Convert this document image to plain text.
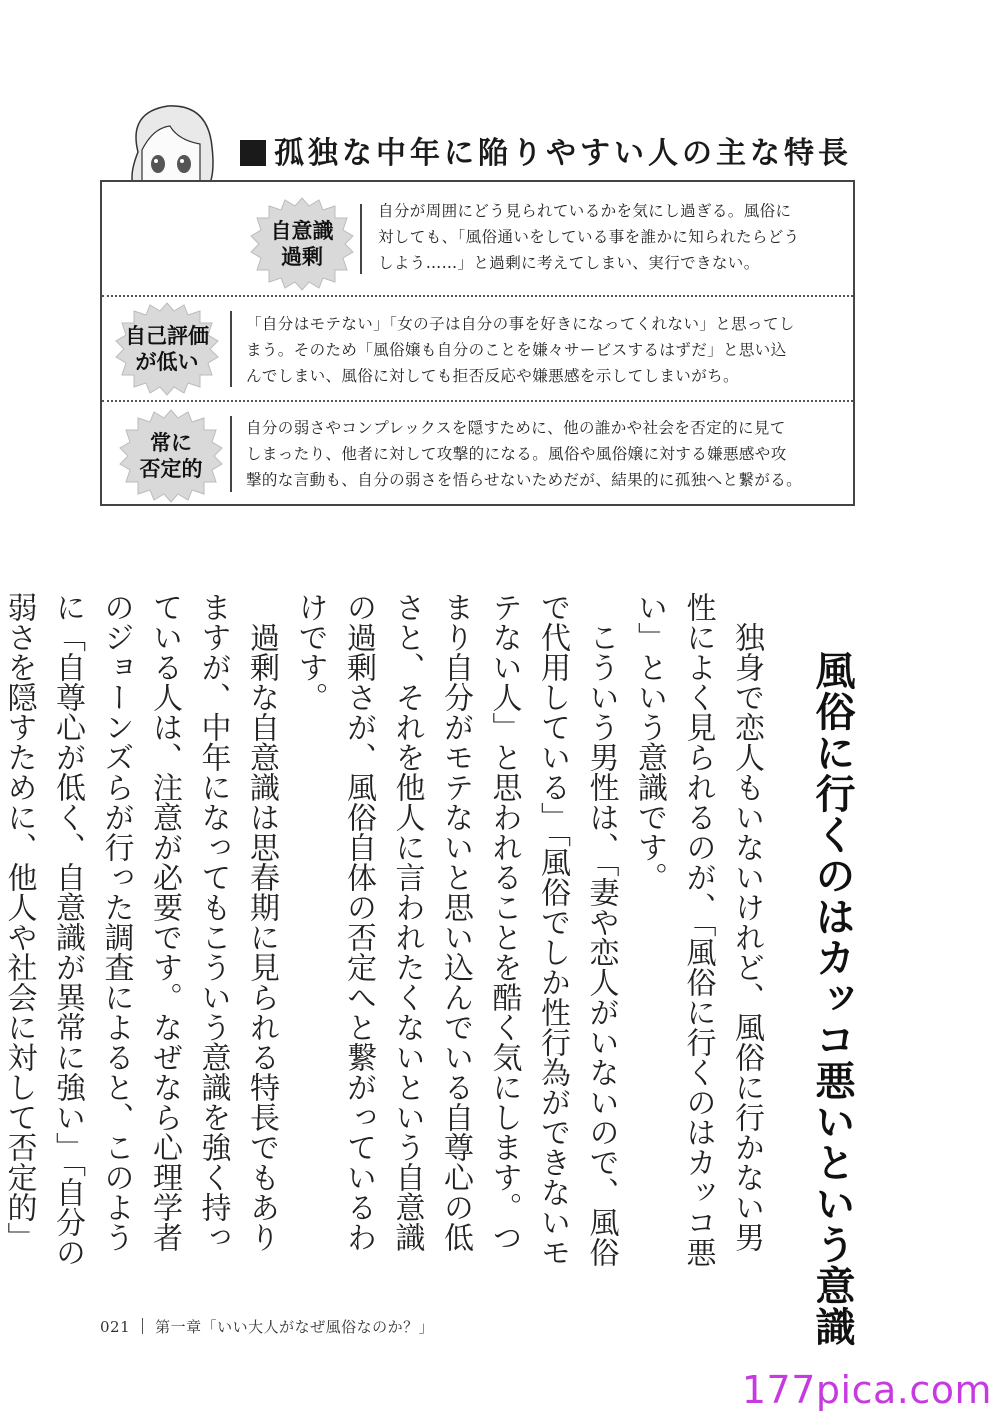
孤独な中年に陥りやすい人の主な特長
自意識
過剰
自分が周囲にどう見られているかを気にし過ぎる。風俗に
対しても、「風俗通いをしている事を誰かに知られたらどう
しよう……」と過剰に考えてしまい、実行できない。
自己評価
が低い
「自分はモテない」「女の子は自分の事を好きになってくれない」と思ってし
まう。そのため「風俗嬢も自分のことを嫌々サービスするはずだ」と思い込
んでしまい、風俗に対しても拒否反応や嫌悪感を示してしまいがち。
常に
否定的
自分の弱さやコンプレックスを隠すために、他の誰かや社会を否定的に見て
しまったり、他者に対して攻撃的になる。風俗や風俗嬢に対する嫌悪感や攻
撃的な言動も、自分の弱さを悟らせないためだが、結果的に孤独へと繋がる。
風俗に行くのはカッコ悪いという意識

独身で恋人もいないけれど、風俗に行かない男性によく見られるのが、「風俗に行くのはカッコ悪い」という意識です。

こういう男性は、「妻や恋人がいないので、風俗で代用している」「風俗でしか性行為ができないモテない人」と思われることを酷く気にします。つまり自分がモテないと思い込んでいる自尊心の低さと、それを他人に言われたくないという自意識の過剰さが、風俗自体の否定へと繋がっているわけです。

過剰な自意識は思春期に見られる特長でもありますが、中年になってもこういう意識を強く持っている人は、注意が必要です。なぜなら心理学者のジョーンズらが行った調査によると、このように「自尊心が低く、自意識が異常に強い」「自分の弱さを隠すために、他人や社会に対して否定的」

021 第一章「いい大人がなぜ風俗なのか？」
177pica.com
